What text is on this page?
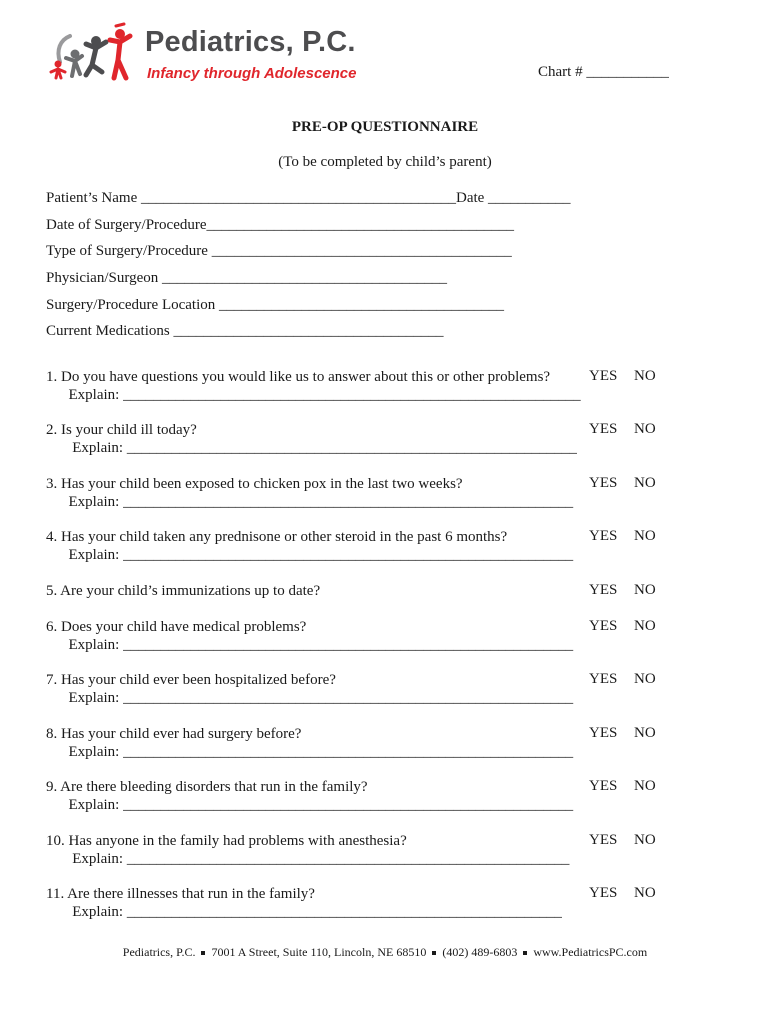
Pediatrics, P.C.
Infancy through Adolescence	Chart # ___________
PRE-OP QUESTIONNAIRE
(To be completed by child’s parent)
Patient’s Name __________________________________________Date ___________
Date of Surgery/Procedure_________________________________________
Type of Surgery/Procedure ________________________________________
Physician/Surgeon ______________________________________
Surgery/Procedure Location ______________________________________
Current Medications ____________________________________
1. Do you have questions you would like us to answer about this or other problems?
Explain: _____________________________________________________________
YES NO
2. Is your child ill today?
Explain: ____________________________________________________________
YES NO
3. Has your child been exposed to chicken pox in the last two weeks?
Explain: ____________________________________________________________
YES NO
4. Has your child taken any prednisone or other steroid in the past 6 months?
Explain: ____________________________________________________________
YES NO
5. Are your child’s immunizations up to date?	YES NO
6. Does your child have medical problems?
Explain: ____________________________________________________________
YES NO
7. Has your child ever been hospitalized before?
Explain: ____________________________________________________________
YES NO
8. Has your child ever had surgery before?
Explain: ____________________________________________________________
YES NO
9. Are there bleeding disorders that run in the family?
Explain: ____________________________________________________________
YES NO
10. Has anyone in the family had problems with anesthesia?
Explain: ___________________________________________________________
YES NO
11. Are there illnesses that run in the family?
Explain: __________________________________________________________
YES NO
Pediatrics, P.C. 7001 A Street, Suite 110, Lincoln, NE 68510 (402) 489-6803 www.PediatricsPC.com
